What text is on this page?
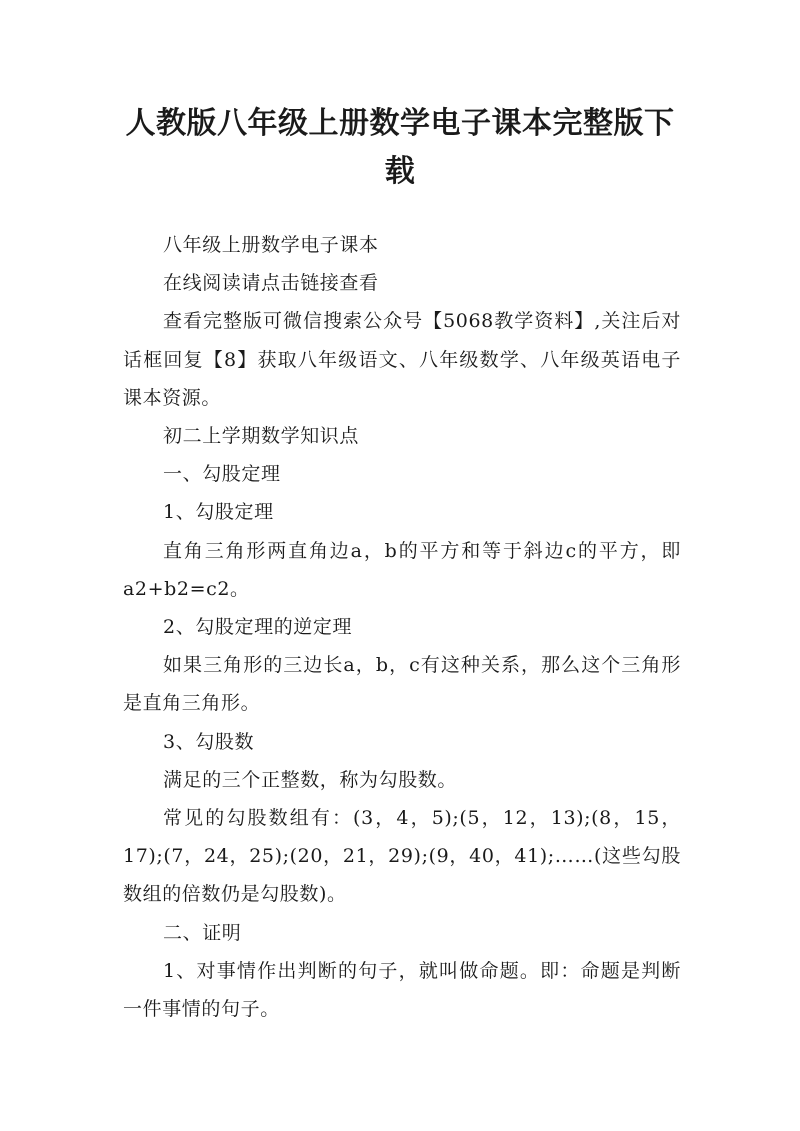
人教版八年级上册数学电子课本完整版下载

八年级上册数学电子课本

在线阅读请点击链接查看

查看完整版可微信搜索公众号【5068教学资料】,关注后对话框回复【8】获取八年级语文、八年级数学、八年级英语电子课本资源。

初二上学期数学知识点

一、勾股定理

1、勾股定理

直角三角形两直角边a，b的平方和等于斜边c的平方，即a2+b2=c2。

2、勾股定理的逆定理

如果三角形的三边长a，b，c有这种关系，那么这个三角形是直角三角形。

3、勾股数

满足的三个正整数，称为勾股数。

常见的勾股数组有：(3，4，5);(5，12，13);(8，15，17);(7，24，25);(20，21，29);(9，40，41);……(这些勾股数组的倍数仍是勾股数)。

二、证明

1、对事情作出判断的句子，就叫做命题。即：命题是判断一件事情的句子。
